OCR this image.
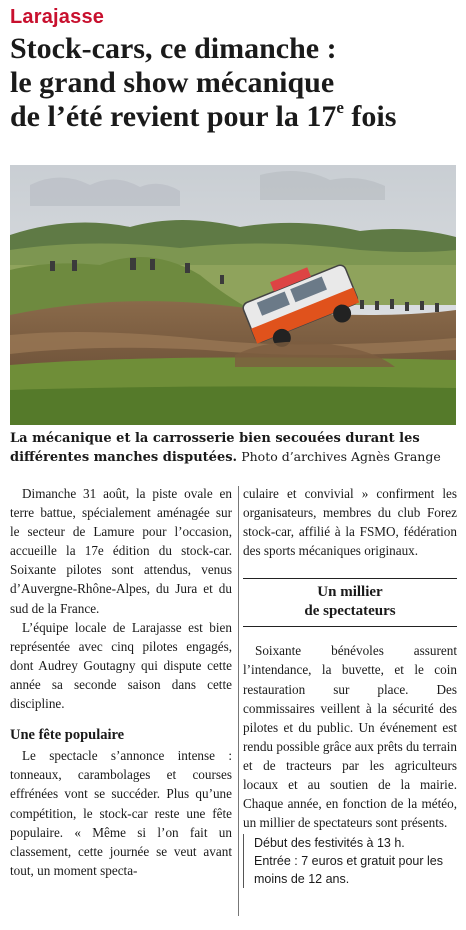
Larajasse
Stock-cars, ce dimanche :
le grand show mécanique
de l’été revient pour la 17e fois
La mécanique et la carrosserie bien secouées durant les différentes manches disputées. Photo d’archives Agnès Grange

Dimanche 31 août, la piste ovale en terre battue, spécialement aménagée sur le secteur de Lamure pour l’occasion, accueille la 17e édition du stock-car. Soixante pilotes sont attendus, venus d’Auvergne-Rhône-Alpes, du Jura et du sud de la France.

L’équipe locale de Larajasse est bien représentée avec cinq pilotes engagés, dont Audrey Goutagny qui dispute cette année sa seconde saison dans cette discipline.

Une fête populaire

Le spectacle s’annonce intense : tonneaux, carambolages et courses effrénées vont se succéder. Plus qu’une compétition, le stock-car reste une fête populaire. « Même si l’on fait un classement, cette journée se veut avant tout, un moment specta-

culaire et convivial » confirment les organisateurs, membres du club Forez stock-car, affilié à la FSMO, fédération des sports mécaniques originaux.

Un millier
de spectateurs

Soixante bénévoles assurent l’intendance, la buvette, et le coin restauration sur place. Des commissaires veillent à la sécurité des pilotes et du public. Un événement est rendu possible grâce aux prêts du terrain et de tracteurs par les agriculteurs locaux et au soutien de la mairie. Chaque année, en fonction de la météo, un millier de spectateurs sont présents.

Début des festivités à 13 h.

Entrée : 7 euros et gratuit pour les moins de 12 ans.
